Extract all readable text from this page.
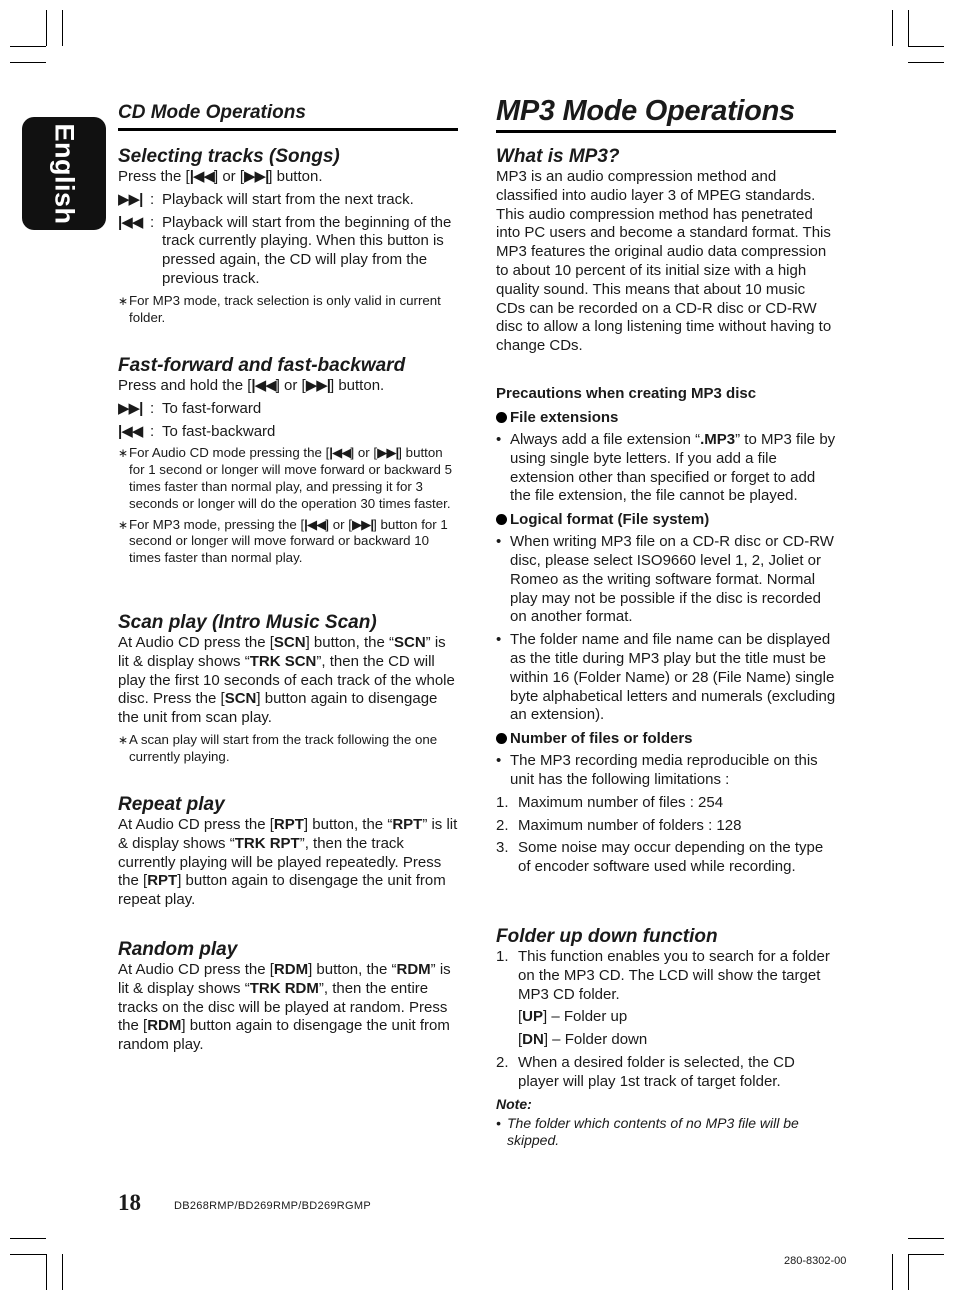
English
CD Mode Operations
Selecting tracks (Songs)

Press the [|◀◀] or [▶▶|] button.

▶▶| : Playback will start from the next track.
|◀◀ : Playback will start from the beginning of the track currently playing. When this button is pressed again, the CD will play from the previous track.
∗ For MP3 mode, track selection is only valid in current folder.
Fast-forward and fast-backward

Press and hold the [|◀◀] or [▶▶|] button.

▶▶| : To fast-forward
|◀◀ : To fast-backward
∗ For Audio CD mode pressing the [|◀◀] or [▶▶|] button for 1 second or longer will move forward or backward 5 times faster than normal play, and pressing it for 3 seconds or longer will do the operation 30 times faster.
∗ For MP3 mode, pressing the [|◀◀] or [▶▶|] button for 1 second or longer will move forward or backward 10 times faster than normal play.
Scan play (Intro Music Scan)

At Audio CD press the [SCN] button, the “SCN” is lit & display shows “TRK SCN”, then the CD will play the first 10 seconds of each track of the whole disc. Press the [SCN] button again to disengage the unit from scan play.

∗ A scan play will start from the track following the one currently playing.
Repeat play

At Audio CD press the [RPT] button, the “RPT” is lit & display shows “TRK RPT”, then the track currently playing will be played repeatedly. Press the [RPT] button again to disengage the unit from repeat play.

Random play

At Audio CD press the [RDM] button, the “RDM” is lit & display shows “TRK RDM”, then the entire tracks on the disc will be played at random. Press the [RDM] button again to disengage the unit from random play.

MP3 Mode Operations
What is MP3?

MP3 is an audio compression method and classified into audio layer 3 of MPEG standards. This audio compression method has penetrated into PC users and become a standard format. This MP3 features the original audio data compression to about 10 percent of its initial size with a high quality sound. This means that about 10 music CDs can be recorded on a CD-R disc or CD-RW disc to allow a long listening time without having to change CDs.

Precautions when creating MP3 disc
File extensions
• Always add a file extension “.MP3” to MP3 file by using single byte letters. If you add a file extension other than specified or forget to add the file extension, the file cannot be played.
Logical format (File system)
• When writing MP3 file on a CD-R disc or CD-RW disc, please select ISO9660 level 1, 2, Joliet or Romeo as the writing software format. Normal play may not be possible if the disc is recorded on another format.
• The folder name and file name can be displayed as the title during MP3 play but the title must be within 16 (Folder Name) or 28 (File Name) single byte alphabetical letters and numerals (excluding an extension).
Number of files or folders
• The MP3 recording media reproducible on this unit has the following limitations :
1. Maximum number of files : 254
2. Maximum number of folders : 128
3. Some noise may occur depending on the type of encoder software used while recording.
Folder up down function
1. This function enables you to search for a folder on the MP3 CD. The LCD will show the target MP3 CD folder.
[UP] – Folder up
[DN] – Folder down
2. When a desired folder is selected, the CD player will play 1st track of target folder.
Note:
• The folder which contents of no MP3 file will be skipped.
18	DB268RMP/BD269RMP/BD269RGMP
280-8302-00
